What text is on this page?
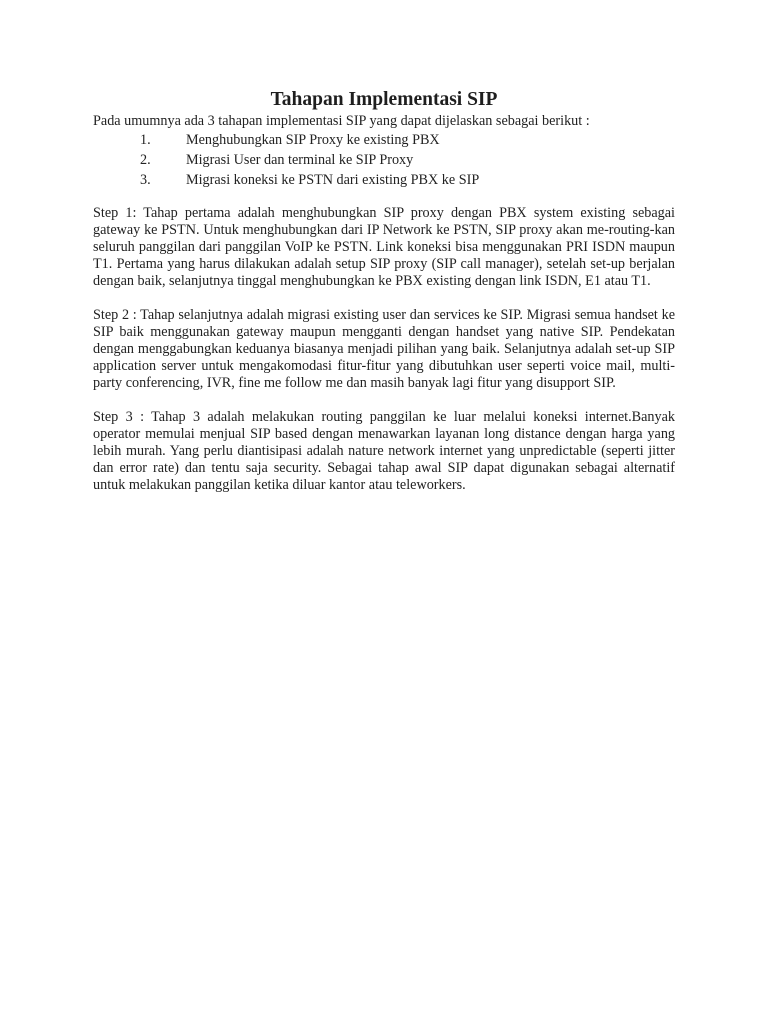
Tahapan Implementasi SIP

Pada umumnya ada 3 tahapan implementasi SIP yang dapat dijelaskan sebagai berikut :

1. Menghubungkan SIP Proxy ke existing PBX
2. Migrasi User dan terminal ke SIP Proxy
3. Migrasi koneksi ke PSTN dari existing PBX ke SIP

Step 1: Tahap pertama adalah menghubungkan SIP proxy dengan PBX system existing sebagai gateway ke PSTN. Untuk menghubungkan dari IP Network ke PSTN, SIP proxy akan me-routing-kan seluruh panggilan dari panggilan VoIP ke PSTN. Link koneksi bisa menggunakan PRI ISDN maupun T1. Pertama yang harus dilakukan adalah setup SIP proxy (SIP call manager), setelah set-up berjalan dengan baik, selanjutnya tinggal menghubungkan ke PBX existing dengan link ISDN, E1 atau T1.

Step 2 : Tahap selanjutnya adalah migrasi existing user dan services ke SIP. Migrasi semua handset ke SIP baik menggunakan gateway maupun mengganti dengan handset yang native SIP. Pendekatan dengan menggabungkan keduanya biasanya menjadi pilihan yang baik. Selanjutnya adalah set-up SIP application server untuk mengakomodasi fitur-fitur yang dibutuhkan user seperti voice mail, multi-party conferencing, IVR, fine me follow me dan masih banyak lagi fitur yang disupport SIP.

Step 3 : Tahap 3 adalah melakukan routing panggilan ke luar melalui koneksi internet.Banyak operator memulai menjual SIP based dengan menawarkan layanan long distance dengan harga yang lebih murah. Yang perlu diantisipasi adalah nature network internet yang unpredictable (seperti jitter dan error rate) dan tentu saja security. Sebagai tahap awal SIP dapat digunakan sebagai alternatif untuk melakukan panggilan ketika diluar kantor atau teleworkers.
